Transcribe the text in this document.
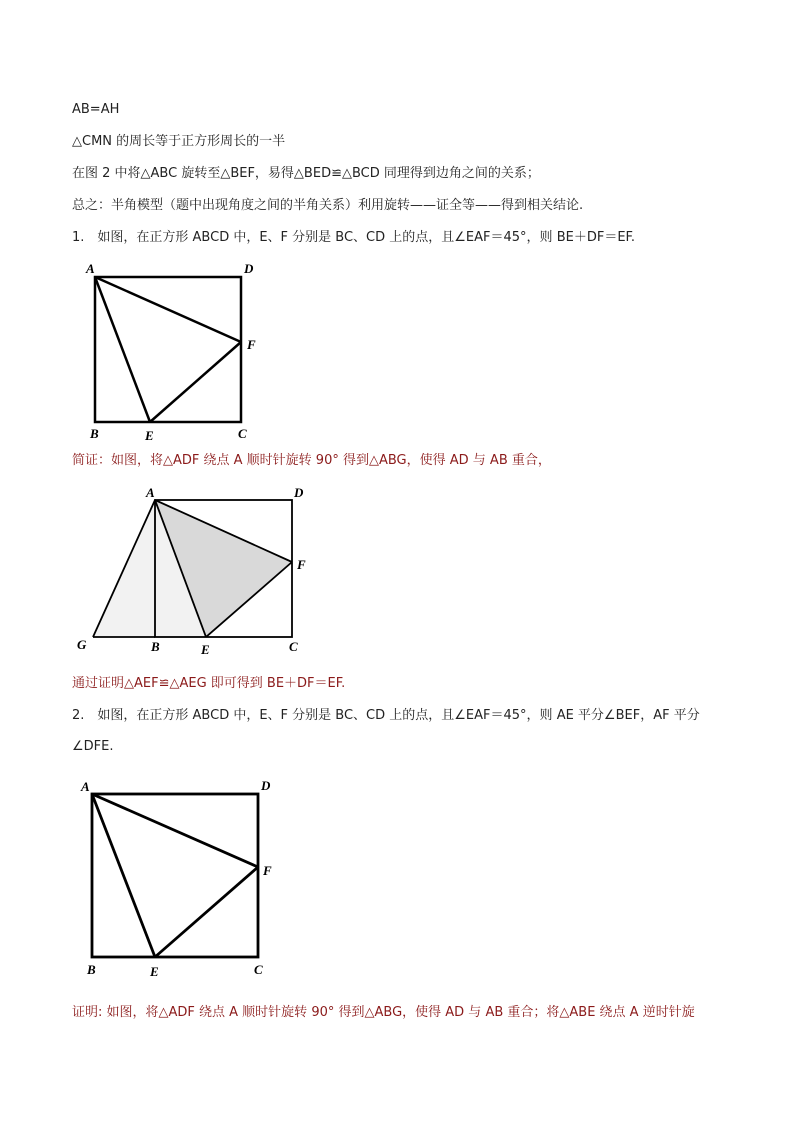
AB=AH
△CMN 的周长等于正方形周长的一半
在图 2 中将△ABC 旋转至△BEF，易得△BED≌△BCD 同理得到边角之间的关系；
总之：半角模型（题中出现角度之间的半角关系）利用旋转——证全等——得到相关结论.
1.　如图，在正方形 ABCD 中，E、F 分别是 BC、CD 上的点，且∠EAF＝45°，则 BE＋DF＝EF.
A	D
F
B	E	C
简证：如图，将△ADF 绕点 A 顺时针旋转 90° 得到△ABG，使得 AD 与 AB 重合，
A	D
F
G	B	E	C
通过证明△AEF≌△AEG 即可得到 BE＋DF＝EF.
2.　如图，在正方形 ABCD 中，E、F 分别是 BC、CD 上的点，且∠EAF＝45°，则 AE 平分∠BEF，AF 平分
∠DFE.
A	D
F
B	E	C
证明: 如图，将△ADF 绕点 A 顺时针旋转 90° 得到△ABG，使得 AD 与 AB 重合；将△ABE 绕点 A 逆时针旋
